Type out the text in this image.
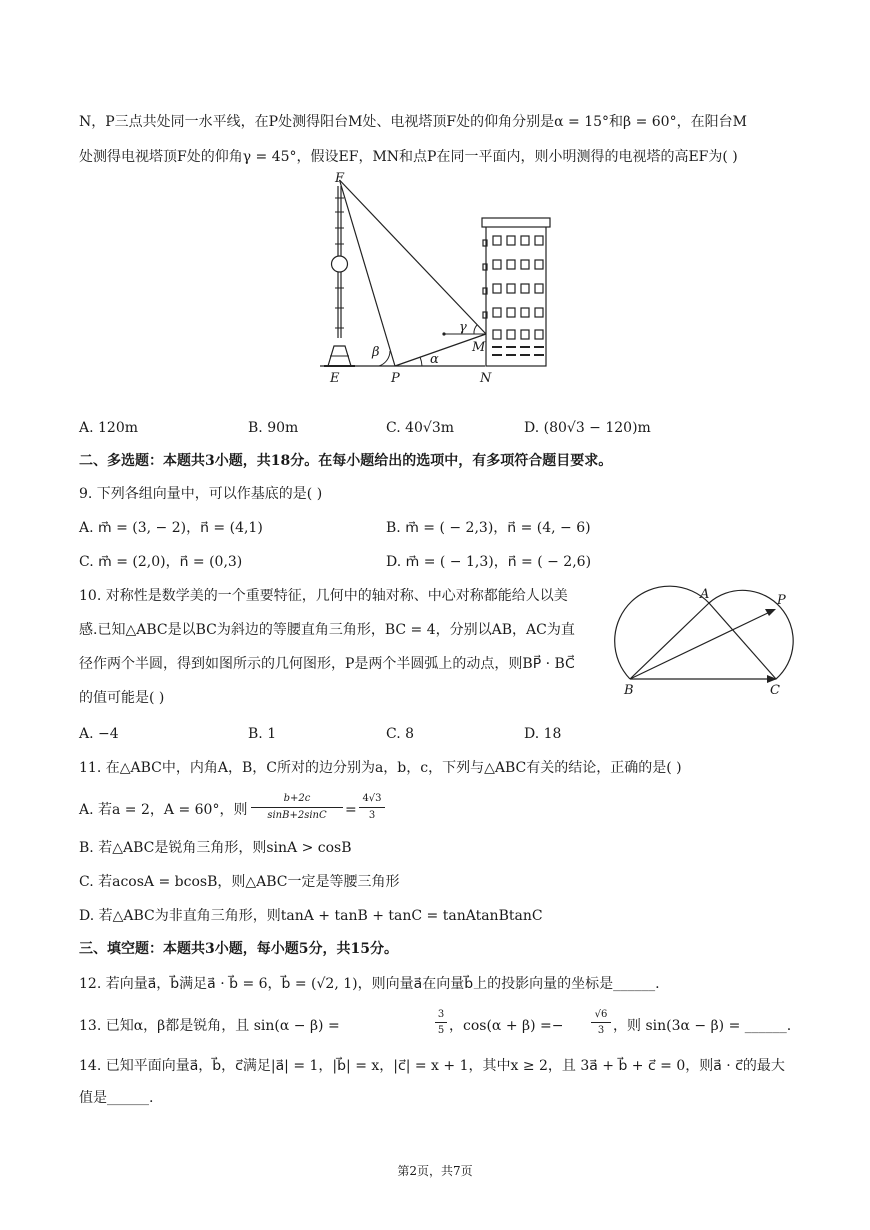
N，P三点共处同一水平线，在P处测得阳台M处、电视塔顶F处的仰角分别是α = 15°和β = 60°，在阳台M
处测得电视塔顶F处的仰角γ = 45°，假设EF，MN和点P在同一平面内，则小明测得的电视塔的高EF为( )
F
E	P	N
M
α
β
γ
A. 120m	B. 90m	C. 40√3m	D. (80√3 − 120)m
二、多选题：本题共3小题，共18分。在每小题给出的选项中，有多项符合题目要求。
9. 下列各组向量中，可以作基底的是( )
A. m⃗ = (3, − 2)，n⃗ = (4,1)	B. m⃗ = ( − 2,3)，n⃗ = (4, − 6)
C. m⃗ = (2,0)，n⃗ = (0,3)	D. m⃗ = ( − 1,3)，n⃗ = ( − 2,6)
10. 对称性是数学美的一个重要特征，几何中的轴对称、中心对称都能给人以美
感.已知△ABC是以BC为斜边的等腰直角三角形，BC = 4，分别以AB，AC为直
径作两个半圆，得到如图所示的几何图形，P是两个半圆弧上的动点，则BP⃗ · BC⃗
的值可能是( )
A	P
B	C
A. −4	B. 1	C. 8	D. 18
11. 在△ABC中，内角A，B，C所对的边分别为a，b，c，下列与△ABC有关的结论，正确的是( )
A. 若a = 2，A = 60°，则
b+2c
sinB+2sinC	=
4√3
3
B. 若△ABC是锐角三角形，则sinA > cosB
C. 若acosA = bcosB，则△ABC一定是等腰三角形
D. 若△ABC为非直角三角形，则tanA + tanB + tanC = tanAtanBtanC
三、填空题：本题共3小题，每小题5分，共15分。
12. 若向量a⃗，b⃗满足a⃗ · b⃗ = 6，b⃗ = (√2, 1)，则向量a⃗在向量b⃗上的投影向量的坐标是______.
13. 已知α，β都是锐角，且 sin(α − β) =
3
5 ，cos(α + β) =−
√6
3 ，则 sin(3α − β) = ______.
14. 已知平面向量a⃗，b⃗，c⃗满足|a⃗| = 1，|b⃗| = x，|c⃗| = x + 1，其中x ≥ 2，且 3a⃗ + b⃗ + c⃗ = 0，则a⃗ · c⃗的最大
值是______.
第2页，共7页
